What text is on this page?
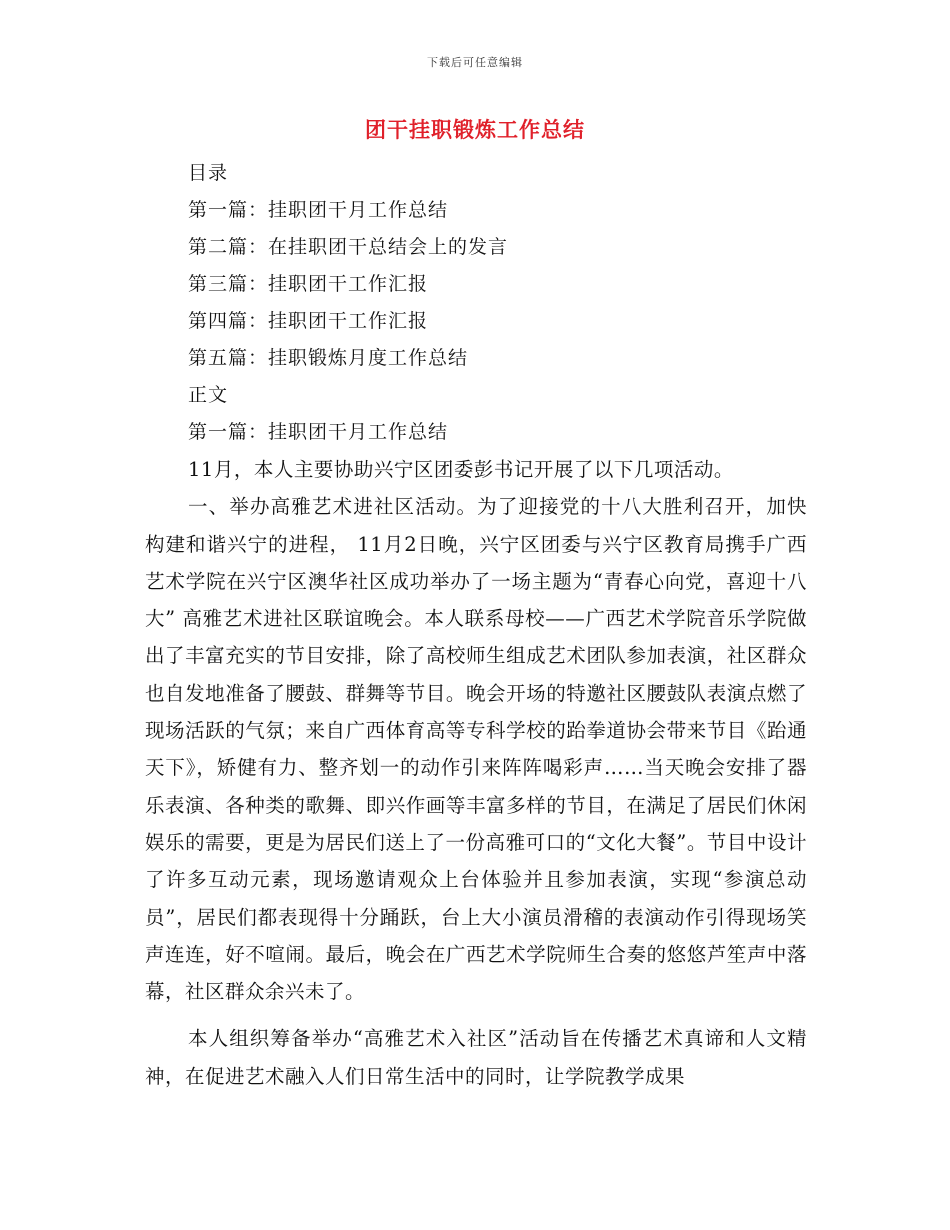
下载后可任意编辑
团干挂职锻炼工作总结
目录
第一篇：挂职团干月工作总结
第二篇：在挂职团干总结会上的发言
第三篇：挂职团干工作汇报
第四篇：挂职团干工作汇报
第五篇：挂职锻炼月度工作总结
正文
第一篇：挂职团干月工作总结

11月，本人主要协助兴宁区团委彭书记开展了以下几项活动。

一、举办高雅艺术进社区活动。为了迎接党的十八大胜利召开，加快构建和谐兴宁的进程， 11月2日晚，兴宁区团委与兴宁区教育局携手广西艺术学院在兴宁区澳华社区成功举办了一场主题为“青春心向党，喜迎十八大” 高雅艺术进社区联谊晚会。本人联系母校——广西艺术学院音乐学院做出了丰富充实的节目安排，除了高校师生组成艺术团队参加表演，社区群众也自发地准备了腰鼓、群舞等节目。晚会开场的特邀社区腰鼓队表演点燃了现场活跃的气氛；来自广西体育高等专科学校的跆拳道协会带来节目《跆通天下》，矫健有力、整齐划一的动作引来阵阵喝彩声……当天晚会安排了器乐表演、各种类的歌舞、即兴作画等丰富多样的节目，在满足了居民们休闲娱乐的需要，更是为居民们送上了一份高雅可口的“文化大餐”。节目中设计了许多互动元素，现场邀请观众上台体验并且参加表演，实现“参演总动员”，居民们都表现得十分踊跃，台上大小演员滑稽的表演动作引得现场笑声连连，好不喧闹。最后，晚会在广西艺术学院师生合奏的悠悠芦笙声中落幕，社区群众余兴未了。

本人组织筹备举办“高雅艺术入社区”活动旨在传播艺术真谛和人文精神，在促进艺术融入人们日常生活中的同时，让学院教学成果
